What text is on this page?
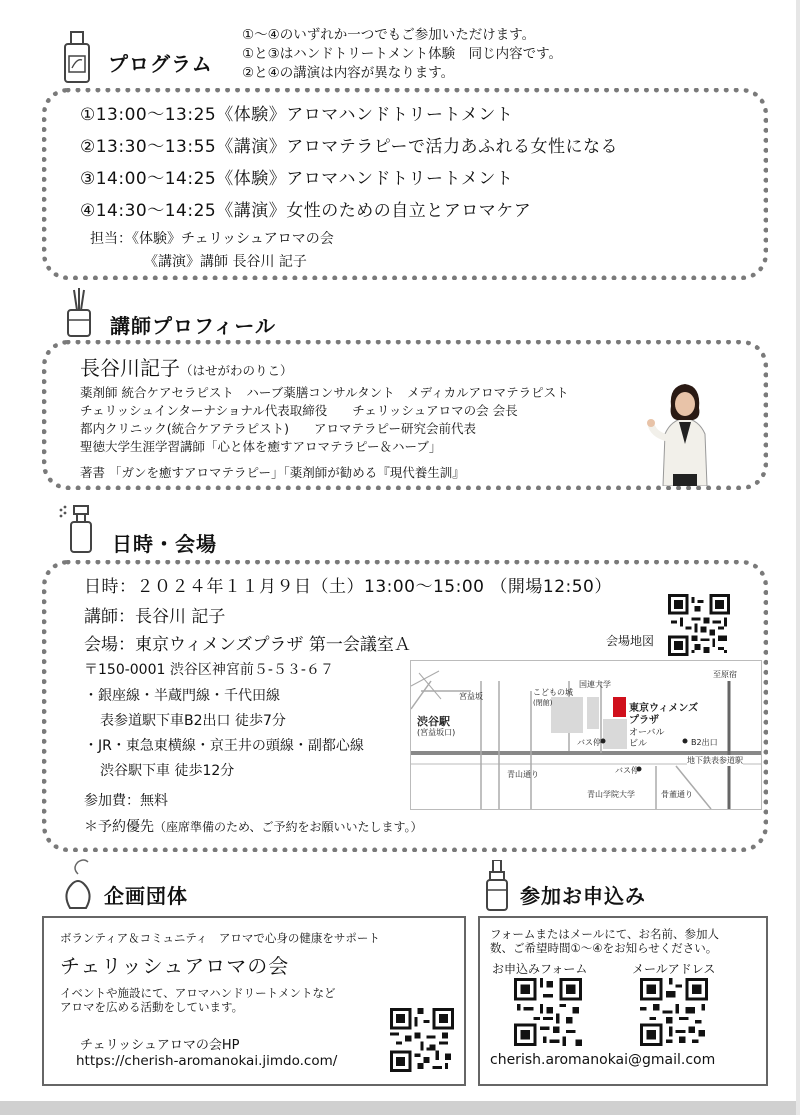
プログラム
①〜④のいずれか一つでもご参加いただけます。
①と③はハンドトリートメント体験　同じ内容です。
②と④の講演は内容が異なります。
①13:00〜13:25《体験》アロマハンドトリートメント
②13:30〜13:55《講演》アロマテラピーで活力あふれる女性になる
③14:00〜14:25《体験》アロマハンドトリートメント
④14:30〜14:25《講演》女性のための自立とアロマケア
担当：《体験》チェリッシュアロマの会
《講演》講師 長谷川 記子
講師プロフィール
長谷川記子（はせがわのりこ）
薬剤師 統合ケアセラピスト　ハーブ薬膳コンサルタント　メディカルアロマテラピスト
チェリッシュインターナショナル代表取締役　　チェリッシュアロマの会 会長
都内クリニック(統合ケアテラピスト)　　アロマテラピー研究会前代表
聖徳大学生涯学習講師「心と体を癒すアロマテラピー＆ハーブ」
著書 「ガンを癒すアロマテラピー」「薬剤師が勧める『現代養生訓』
日時・会場
日時：２０２４年１１月９日（土）13:00〜15:00 （開場12:50）
講師：長谷川 記子
会場：東京ウィメンズプラザ 第一会議室Ａ	会場地図
〒150-0001 渋谷区神宮前５-５３-６７
・銀座線・半蔵門線・千代田線
表参道駅下車B2出口 徒歩7分
・JR・東急東横線・京王井の頭線・副都心線
渋谷駅下車 徒歩12分
参加費：無料
＊予約優先（座席準備のため、ご予約をお願いいたします。）
渋谷駅
(宮益坂口)
宮益坂	こどもの城
(閉館)
国連大学
東京ウィメンズ
プラザ
オーバル
ビル
バス停	B2出口
至原宿
地下鉄表参道駅
青山通り	バス停
青山学院大学	骨董通り
企画団体
ボランティア＆コミュニティ　アロマで心身の健康をサポート
チェリッシュアロマの会
イベントや施設にて、アロマハンドリートメントなど
アロマを広める活動をしています。
チェリッシュアロマの会HP
https://cherish-aromanokai.jimdo.com/
参加お申込み
フォームまたはメールにて、お名前、参加人
数、ご希望時間①〜④をお知らせください。
お申込みフォーム	メールアドレス
cherish.aromanokai@gmail.com
